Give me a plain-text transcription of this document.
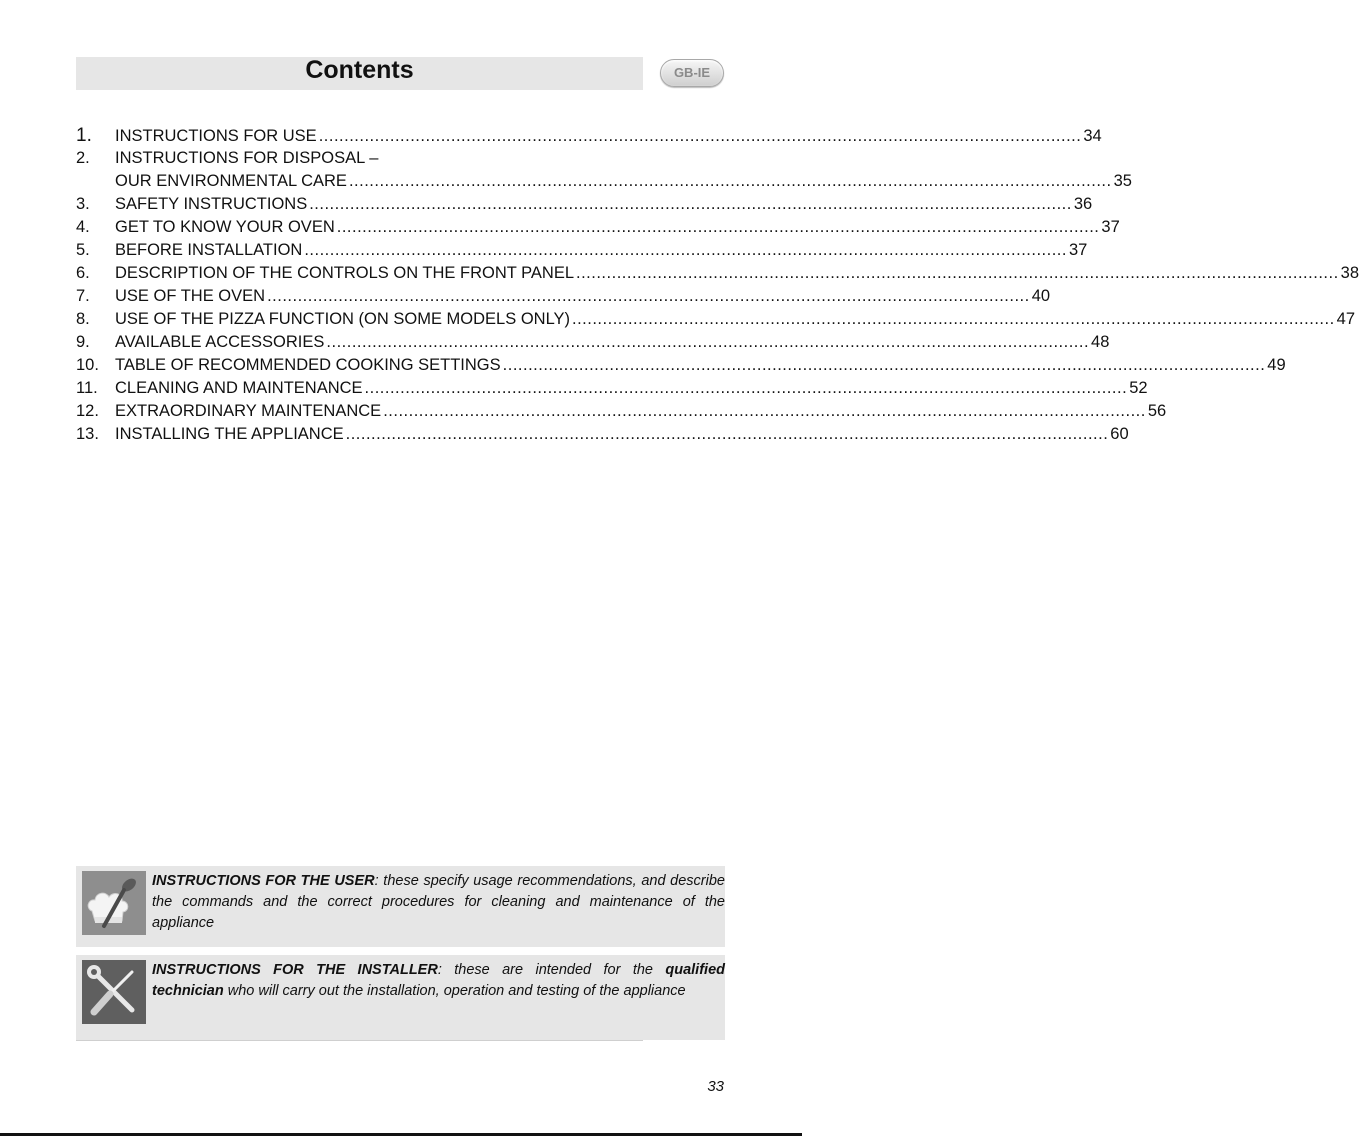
Contents	GB-IE
1.	INSTRUCTIONS FOR USE ...................................................................................................................................................... 34
2.	INSTRUCTIONS FOR DISPOSAL –
OUR ENVIRONMENTAL CARE ...................................................................................................................................................... 35
3.	SAFETY INSTRUCTIONS ...................................................................................................................................................... 36
4.	GET TO KNOW YOUR OVEN ...................................................................................................................................................... 37
5.	BEFORE INSTALLATION ...................................................................................................................................................... 37
6.	DESCRIPTION OF THE CONTROLS ON THE FRONT PANEL ...................................................................................................................................................... 38
7.	USE OF THE OVEN ...................................................................................................................................................... 40
8.	USE OF THE PIZZA FUNCTION (ON SOME MODELS ONLY) ...................................................................................................................................................... 47
9.	AVAILABLE ACCESSORIES ...................................................................................................................................................... 48
10. TABLE OF RECOMMENDED COOKING SETTINGS ...................................................................................................................................................... 49
11.	CLEANING AND MAINTENANCE ...................................................................................................................................................... 52
12. EXTRAORDINARY MAINTENANCE ...................................................................................................................................................... 56
13. INSTALLING THE APPLIANCE ...................................................................................................................................................... 60
INSTRUCTIONS FOR THE USER: these specify usage recommendations, and describe the commands and the correct procedures for cleaning and maintenance of the appliance
INSTRUCTIONS FOR THE INSTALLER: these are intended for the qualified technician who will carry out the installation, operation and testing of the appliance
33
